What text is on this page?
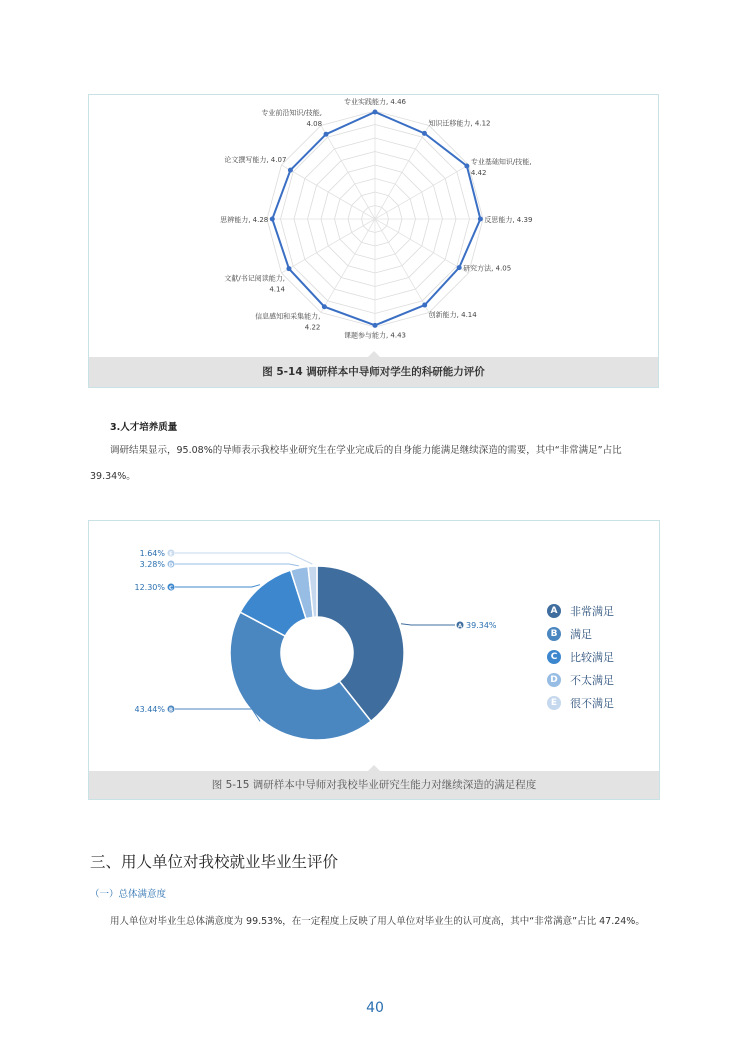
专业实践能力, 4.46
知识迁移能力, 4.12
专业基础知识/技能, 4.42
反思能力, 4.39
研究方法, 4.05
创新能力, 4.14
课题参与能力, 4.43
信息感知和采集能力, 4.22
文献/书记阅读能力, 4.14
思辨能力, 4.28
论文撰写能力, 4.07
专业前沿知识/技能, 4.08
图 5-14 调研样本中导师对学生的科研能力评价
3.人才培养质量

调研结果显示，95.08%的导师表示我校毕业研究生在学业完成后的自身能力能满足继续深造的需要，其中“非常满足”占比 39.34%。

A 39.34%
B
43.44%
C
12.30%
D
3.28%
E
1.64%
A	非常满足
B	满足
C	比较满足
D 不太满足
E	很不满足
图 5-15 调研样本中导师对我校毕业研究生能力对继续深造的满足程度
三、用人单位对我校就业毕业生评价
（一）总体满意度

用人单位对毕业生总体满意度为 99.53%，在一定程度上反映了用人单位对毕业生的认可度高，其中“非常满意”占比 47.24%。

40
